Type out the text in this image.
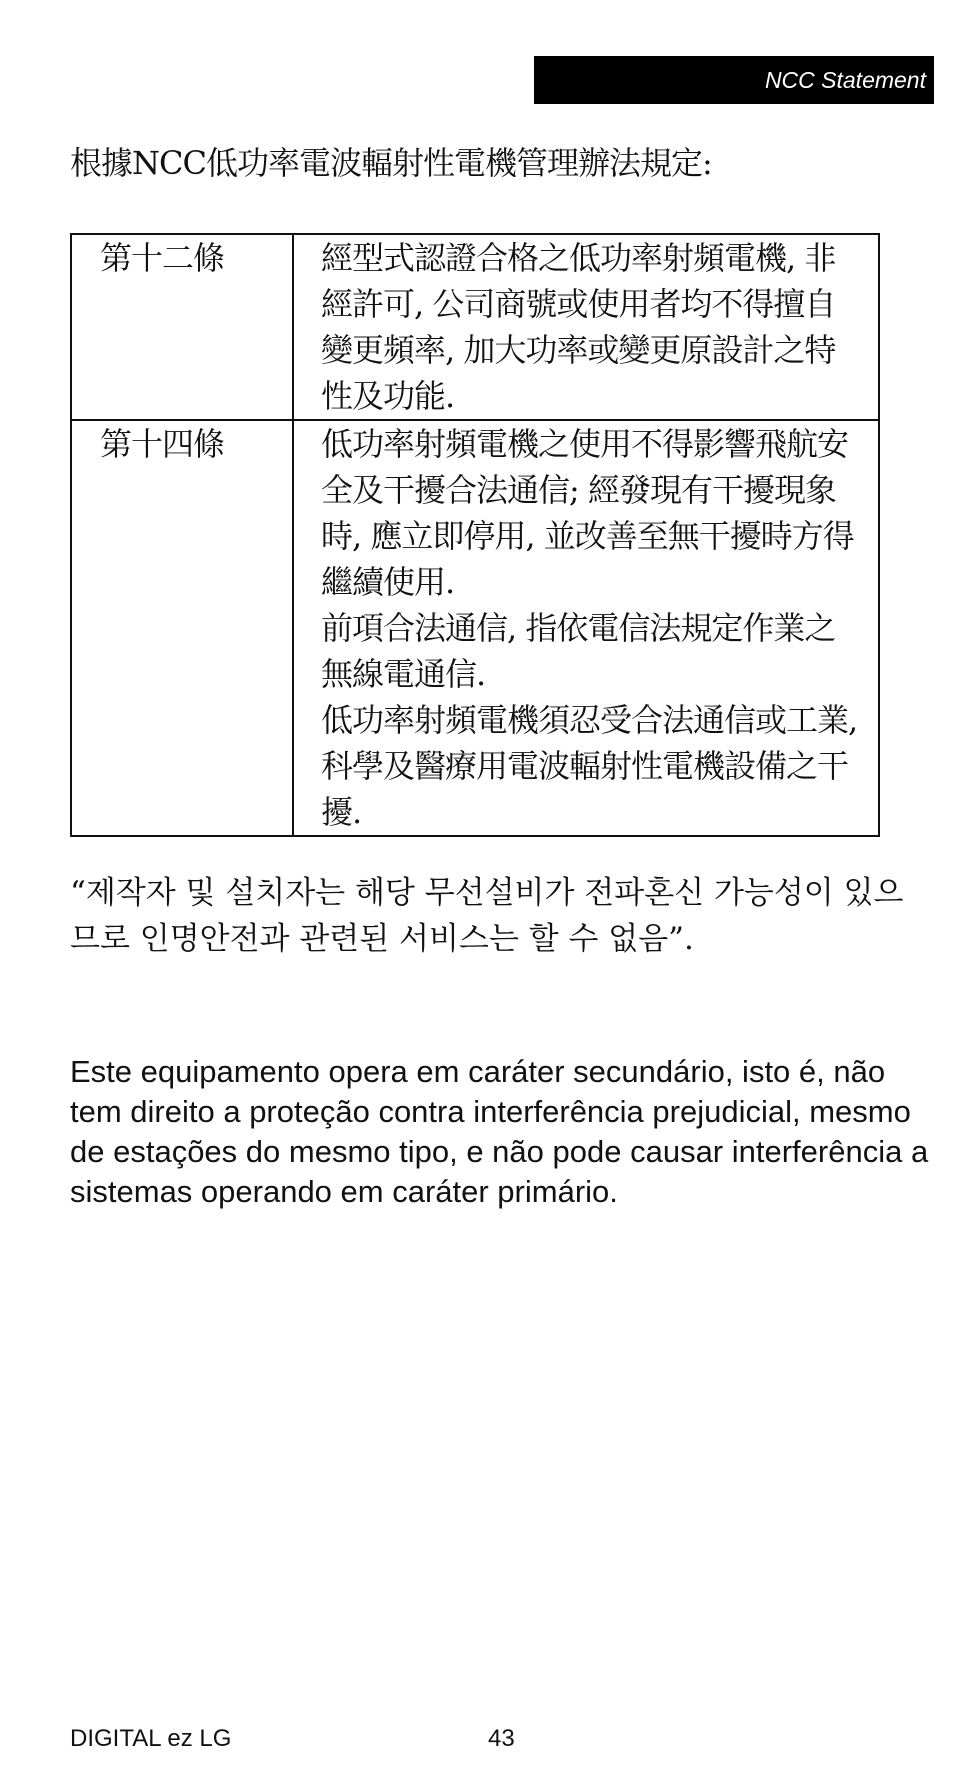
NCC Statement

根據NCC低功率電波輻射性電機管理辦法規定:

第十二條	經型式認證合格之低功率射頻電機, 非經許可, 公司商號或使用者均不得擅自變更頻率, 加大功率或變更原設計之特性及功能.

第十四條	低功率射頻電機之使用不得影響飛航安全及干擾合法通信; 經發現有干擾現象時, 應立即停用, 並改善至無干擾時方得繼續使用.

前項合法通信, 指依電信法規定作業之無線電通信.

低功率射頻電機須忍受合法通信或工業, 科學及醫療用電波輻射性電機設備之干擾.

“제작자 및 설치자는 해당 무선설비가 전파혼신 가능성이 있으므로 인명안전과 관련된 서비스는 할 수 없음”.

Este equipamento opera em caráter secundário, isto é, não tem direito a proteção contra interferência prejudicial, mesmo de estações do mesmo tipo, e não pode causar interferência a sistemas operando em caráter primário.

DIGITAL ez LG	43
